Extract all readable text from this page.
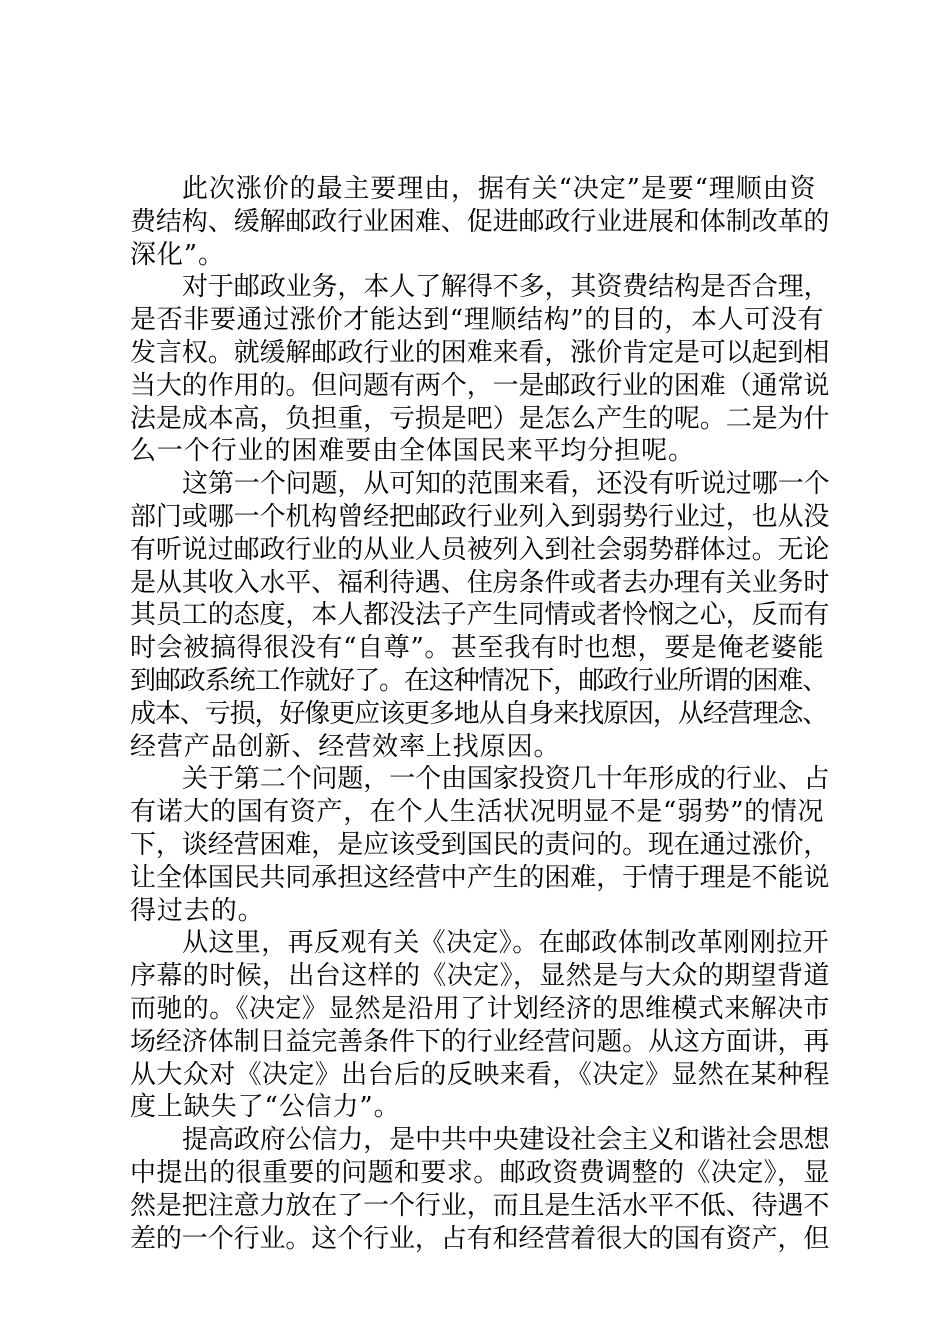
此次涨价的最主要理由，据有关“决定”是要“理顺由资
费结构、缓解邮政行业困难、促进邮政行业进展和体制改革的
深化”。
对于邮政业务，本人了解得不多，其资费结构是否合理，
是否非要通过涨价才能达到“理顺结构”的目的，本人可没有
发言权。就缓解邮政行业的困难来看，涨价肯定是可以起到相
当大的作用的。但问题有两个，一是邮政行业的困难（通常说
法是成本高，负担重，亏损是吧）是怎么产生的呢。二是为什
么一个行业的困难要由全体国民来平均分担呢。
这第一个问题，从可知的范围来看，还没有听说过哪一个
部门或哪一个机构曾经把邮政行业列入到弱势行业过，也从没
有听说过邮政行业的从业人员被列入到社会弱势群体过。无论
是从其收入水平、福利待遇、住房条件或者去办理有关业务时
其员工的态度，本人都没法子产生同情或者怜悯之心，反而有
时会被搞得很没有“自尊”。甚至我有时也想，要是俺老婆能
到邮政系统工作就好了。在这种情况下，邮政行业所谓的困难、
成本、亏损，好像更应该更多地从自身来找原因，从经营理念、
经营产品创新、经营效率上找原因。
关于第二个问题，一个由国家投资几十年形成的行业、占
有诺大的国有资产，在个人生活状况明显不是“弱势”的情况
下，谈经营困难，是应该受到国民的责问的。现在通过涨价，
让全体国民共同承担这经营中产生的困难，于情于理是不能说
得过去的。
从这里，再反观有关《决定》。在邮政体制改革刚刚拉开
序幕的时候，出台这样的《决定》，显然是与大众的期望背道
而驰的。《决定》显然是沿用了计划经济的思维模式来解决市
场经济体制日益完善条件下的行业经营问题。从这方面讲，再
从大众对《决定》出台后的反映来看，《决定》显然在某种程
度上缺失了“公信力”。
提高政府公信力，是中共中央建设社会主义和谐社会思想
中提出的很重要的问题和要求。邮政资费调整的《决定》，显
然是把注意力放在了一个行业，而且是生活水平不低、待遇不
差的一个行业。这个行业，占有和经营着很大的国有资产，但
